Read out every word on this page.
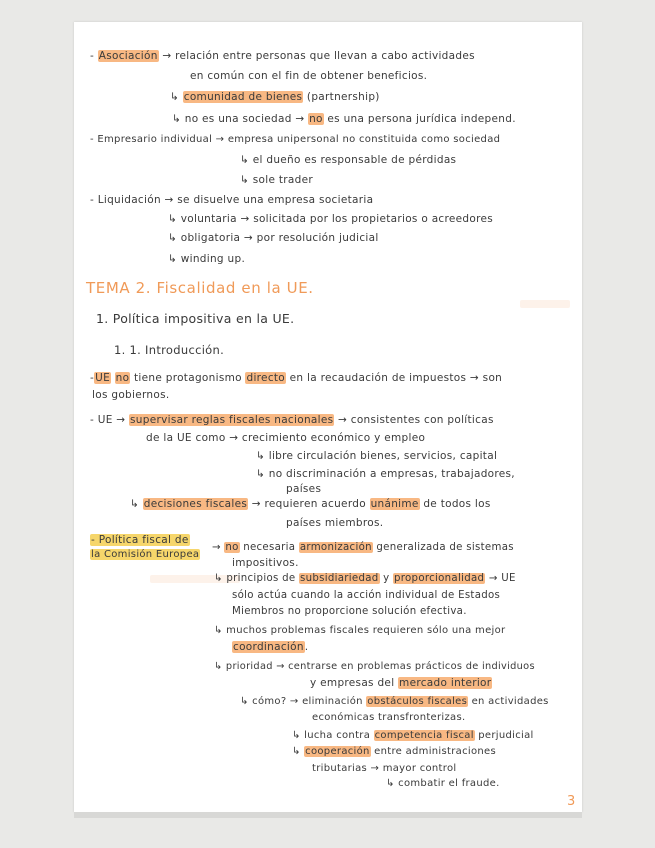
- Asociación → relación entre personas que llevan a cabo actividades
en común con el fin de obtener beneficios.
↳ comunidad de bienes (partnership)
↳ no es una sociedad → no es una persona jurídica independ.
- Empresario individual → empresa unipersonal no constituida como sociedad
↳ el dueño es responsable de pérdidas
↳ sole trader
- Liquidación → se disuelve una empresa societaria
↳ voluntaria → solicitada por los propietarios o acreedores
↳ obligatoria → por resolución judicial
↳ winding up.
TEMA 2. Fiscalidad en la UE.
1. Política impositiva en la UE.
1. 1. Introducción.
-UE no tiene protagonismo directo en la recaudación de impuestos → son
los gobiernos.
- UE → supervisar reglas fiscales nacionales → consistentes con políticas
de la UE como → crecimiento económico y empleo
↳ libre circulación bienes, servicios, capital
↳ no discriminación a empresas, trabajadores,
países
↳ decisiones fiscales → requieren acuerdo unánime de todos los
países miembros.
- Política fiscal de
la Comisión Europea
→ no necesaria armonización generalizada de sistemas
impositivos.
↳ principios de subsidiariedad y proporcionalidad → UE
sólo actúa cuando la acción individual de Estados
Miembros no proporcione solución efectiva.
↳ muchos problemas fiscales requieren sólo una mejor
coordinación.
↳ prioridad → centrarse en problemas prácticos de individuos
y empresas del mercado interior
↳ cómo? → eliminación obstáculos fiscales en actividades
económicas transfronterizas.
↳ lucha contra competencia fiscal perjudicial
↳ cooperación entre administraciones
tributarias → mayor control
↳ combatir el fraude.
3
